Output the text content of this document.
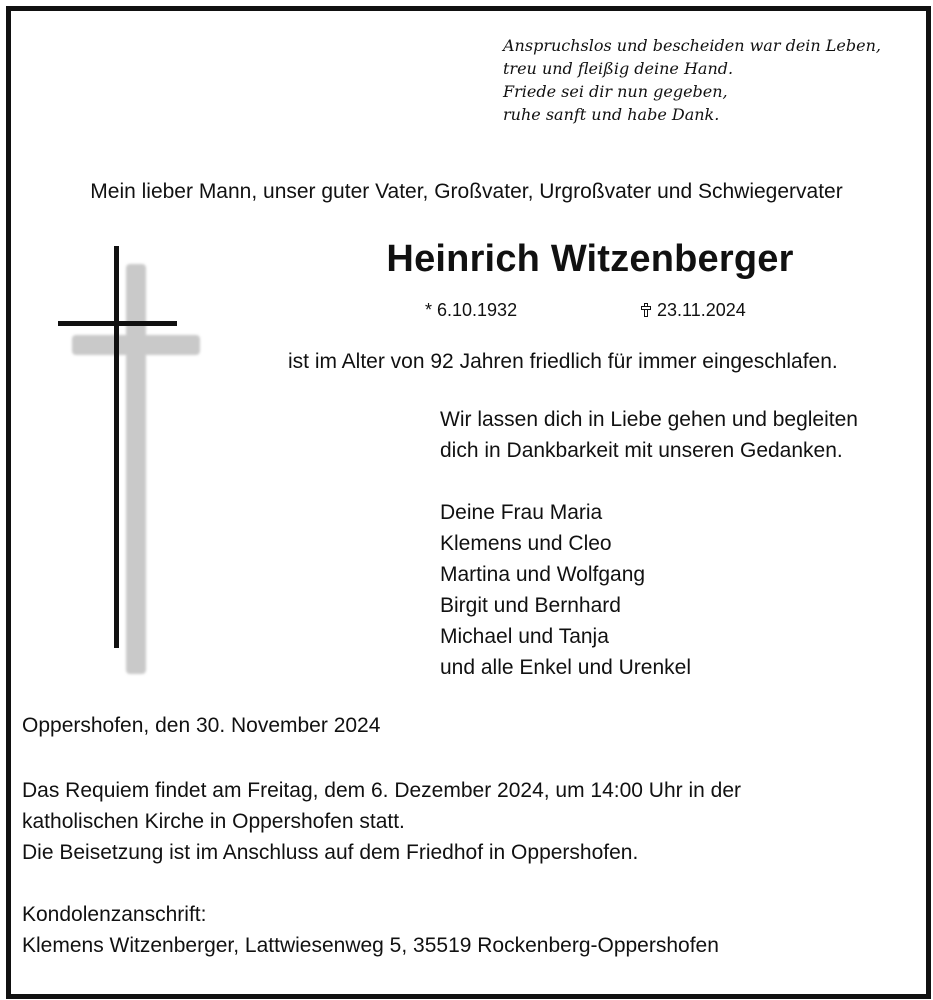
Anspruchslos und bescheiden war dein Leben,
treu und fleißig deine Hand.
Friede sei dir nun gegeben,
ruhe sanft und habe Dank.
Mein lieber Mann, unser guter Vater, Großvater, Urgroßvater und Schwiegervater
Heinrich Witzenberger
* 6.10.1932	23.11.2024
ist im Alter von 92 Jahren friedlich für immer eingeschlafen.
Wir lassen dich in Liebe gehen und begleiten
dich in Dankbarkeit mit unseren Gedanken.
Deine Frau Maria
Klemens und Cleo
Martina und Wolfgang
Birgit und Bernhard
Michael und Tanja
und alle Enkel und Urenkel
Oppershofen, den 30. November 2024
Das Requiem findet am Freitag, dem 6. Dezember 2024, um 14:00 Uhr in der
katholischen Kirche in Oppershofen statt.
Die Beisetzung ist im Anschluss auf dem Friedhof in Oppershofen.
Kondolenzanschrift:
Klemens Witzenberger, Lattwiesenweg 5, 35519 Rockenberg-Oppershofen
